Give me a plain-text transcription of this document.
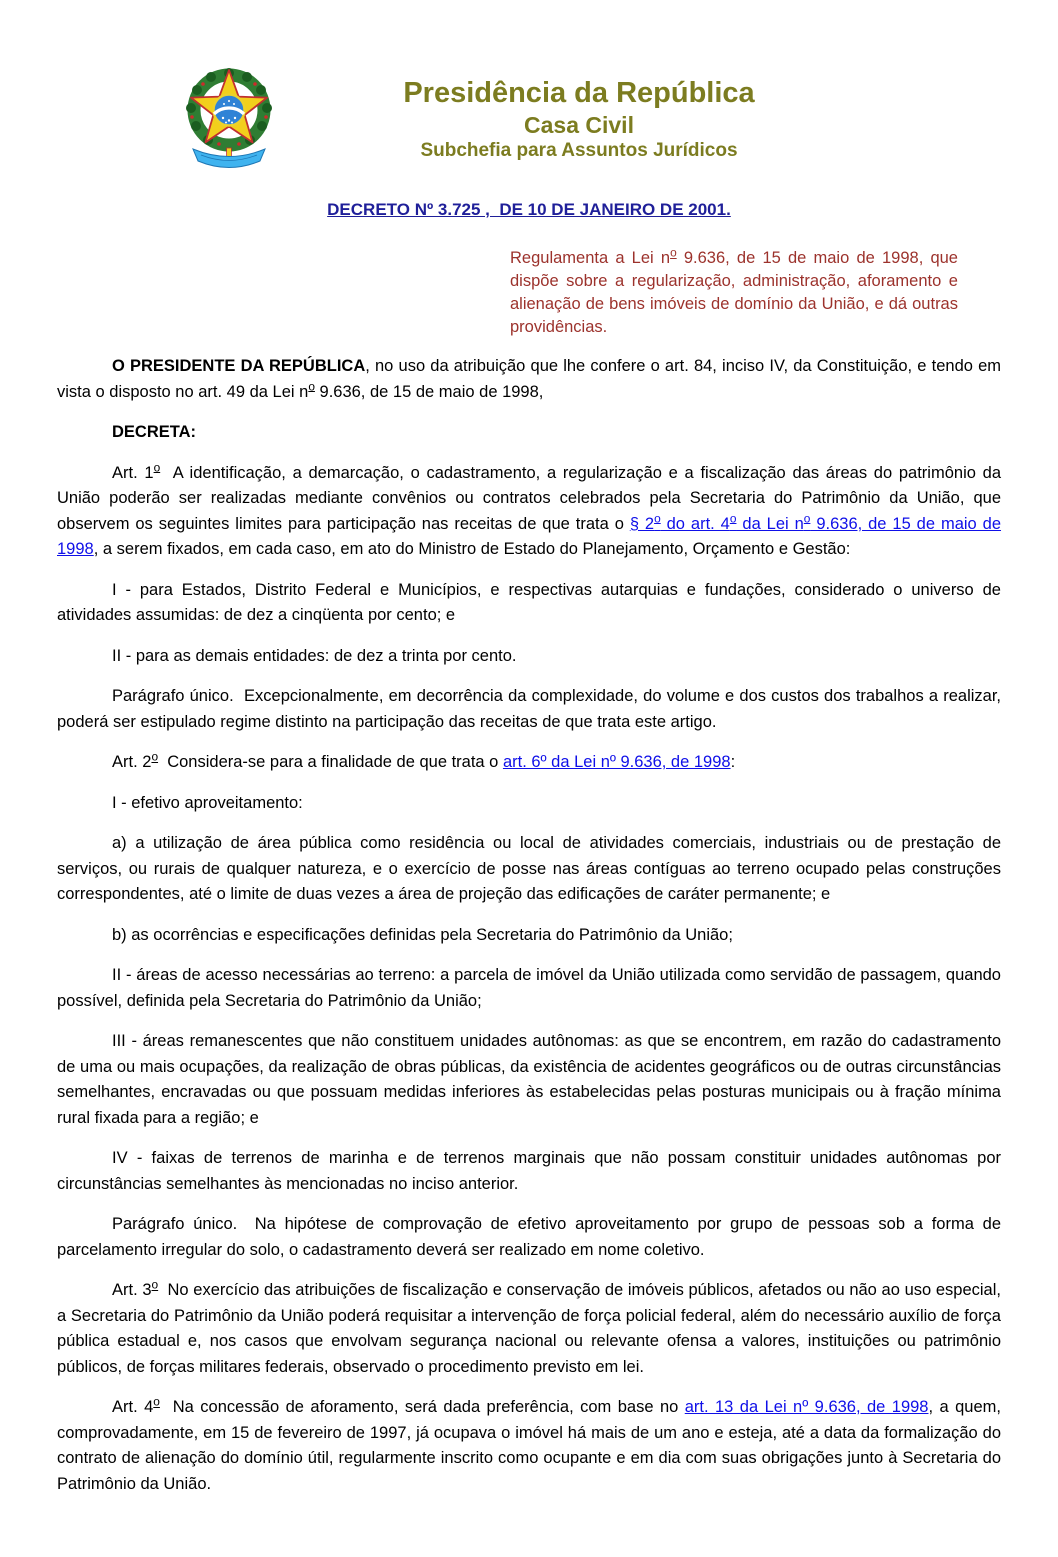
Presidência da República
Casa Civil
Subchefia para Assuntos Jurídicos
DECRETO Nº 3.725 ,  DE 10 DE JANEIRO DE 2001.
Regulamenta a Lei $n^o$ 9.636, de 15 de maio de 1998, que dispõe sobre a regularização, administração, aforamento e alienação de bens imóveis de domínio da União, e dá outras providências.

O PRESIDENTE DA REPÚBLICA, no uso da atribuição que lhe confere o art. 84, inciso IV, da Constituição, e tendo em vista o disposto no art. 49 da Lei $n^o$ 9.636, de 15 de maio de 1998,

DECRETA:

Art. 1$^o$  A identificação, a demarcação, o cadastramento, a regularização e a fiscalização das áreas do patrimônio da União poderão ser realizadas mediante convênios ou contratos celebrados pela Secretaria do Patrimônio da União, que observem os seguintes limites para participação nas receitas de que trata o § 2$^o$ do art. 4$^o$ da Lei n$^o$ 9.636, de 15 de maio de 1998, a serem fixados, em cada caso, em ato do Ministro de Estado do Planejamento, Orçamento e Gestão:

I - para Estados, Distrito Federal e Municípios, e respectivas autarquias e fundações, considerado o universo de atividades assumidas: de dez a cinqüenta por cento; e

II - para as demais entidades: de dez a trinta por cento.

Parágrafo único.  Excepcionalmente, em decorrência da complexidade, do volume e dos custos dos trabalhos a realizar, poderá ser estipulado regime distinto na participação das receitas de que trata este artigo.

Art. 2$^o$  Considera-se para a finalidade de que trata o art. 6º da Lei nº 9.636, de 1998:

I - efetivo aproveitamento:

a) a utilização de área pública como residência ou local de atividades comerciais, industriais ou de prestação de serviços, ou rurais de qualquer natureza, e o exercício de posse nas áreas contíguas ao terreno ocupado pelas construções correspondentes, até o limite de duas vezes a área de projeção das edificações de caráter permanente; e

b) as ocorrências e especificações definidas pela Secretaria do Patrimônio da União;

II - áreas de acesso necessárias ao terreno: a parcela de imóvel da União utilizada como servidão de passagem, quando possível, definida pela Secretaria do Patrimônio da União;

III - áreas remanescentes que não constituem unidades autônomas: as que se encontrem, em razão do cadastramento de uma ou mais ocupações, da realização de obras públicas, da existência de acidentes geográficos ou de outras circunstâncias semelhantes, encravadas ou que possuam medidas inferiores às estabelecidas pelas posturas municipais ou à fração mínima rural fixada para a região; e

IV - faixas de terrenos de marinha e de terrenos marginais que não possam constituir unidades autônomas por circunstâncias semelhantes às mencionadas no inciso anterior.

Parágrafo único.  Na hipótese de comprovação de efetivo aproveitamento por grupo de pessoas sob a forma de parcelamento irregular do solo, o cadastramento deverá ser realizado em nome coletivo.

Art. 3$^o$  No exercício das atribuições de fiscalização e conservação de imóveis públicos, afetados ou não ao uso especial, a Secretaria do Patrimônio da União poderá requisitar a intervenção de força policial federal, além do necessário auxílio de força pública estadual e, nos casos que envolvam segurança nacional ou relevante ofensa a valores, instituições ou patrimônio públicos, de forças militares federais, observado o procedimento previsto em lei.

Art. 4$^o$  Na concessão de aforamento, será dada preferência, com base no art. 13 da Lei nº 9.636, de 1998, a quem, comprovadamente, em 15 de fevereiro de 1997, já ocupava o imóvel há mais de um ano e esteja, até a data da formalização do contrato de alienação do domínio útil, regularmente inscrito como ocupante e em dia com suas obrigações junto à Secretaria do Patrimônio da União.
